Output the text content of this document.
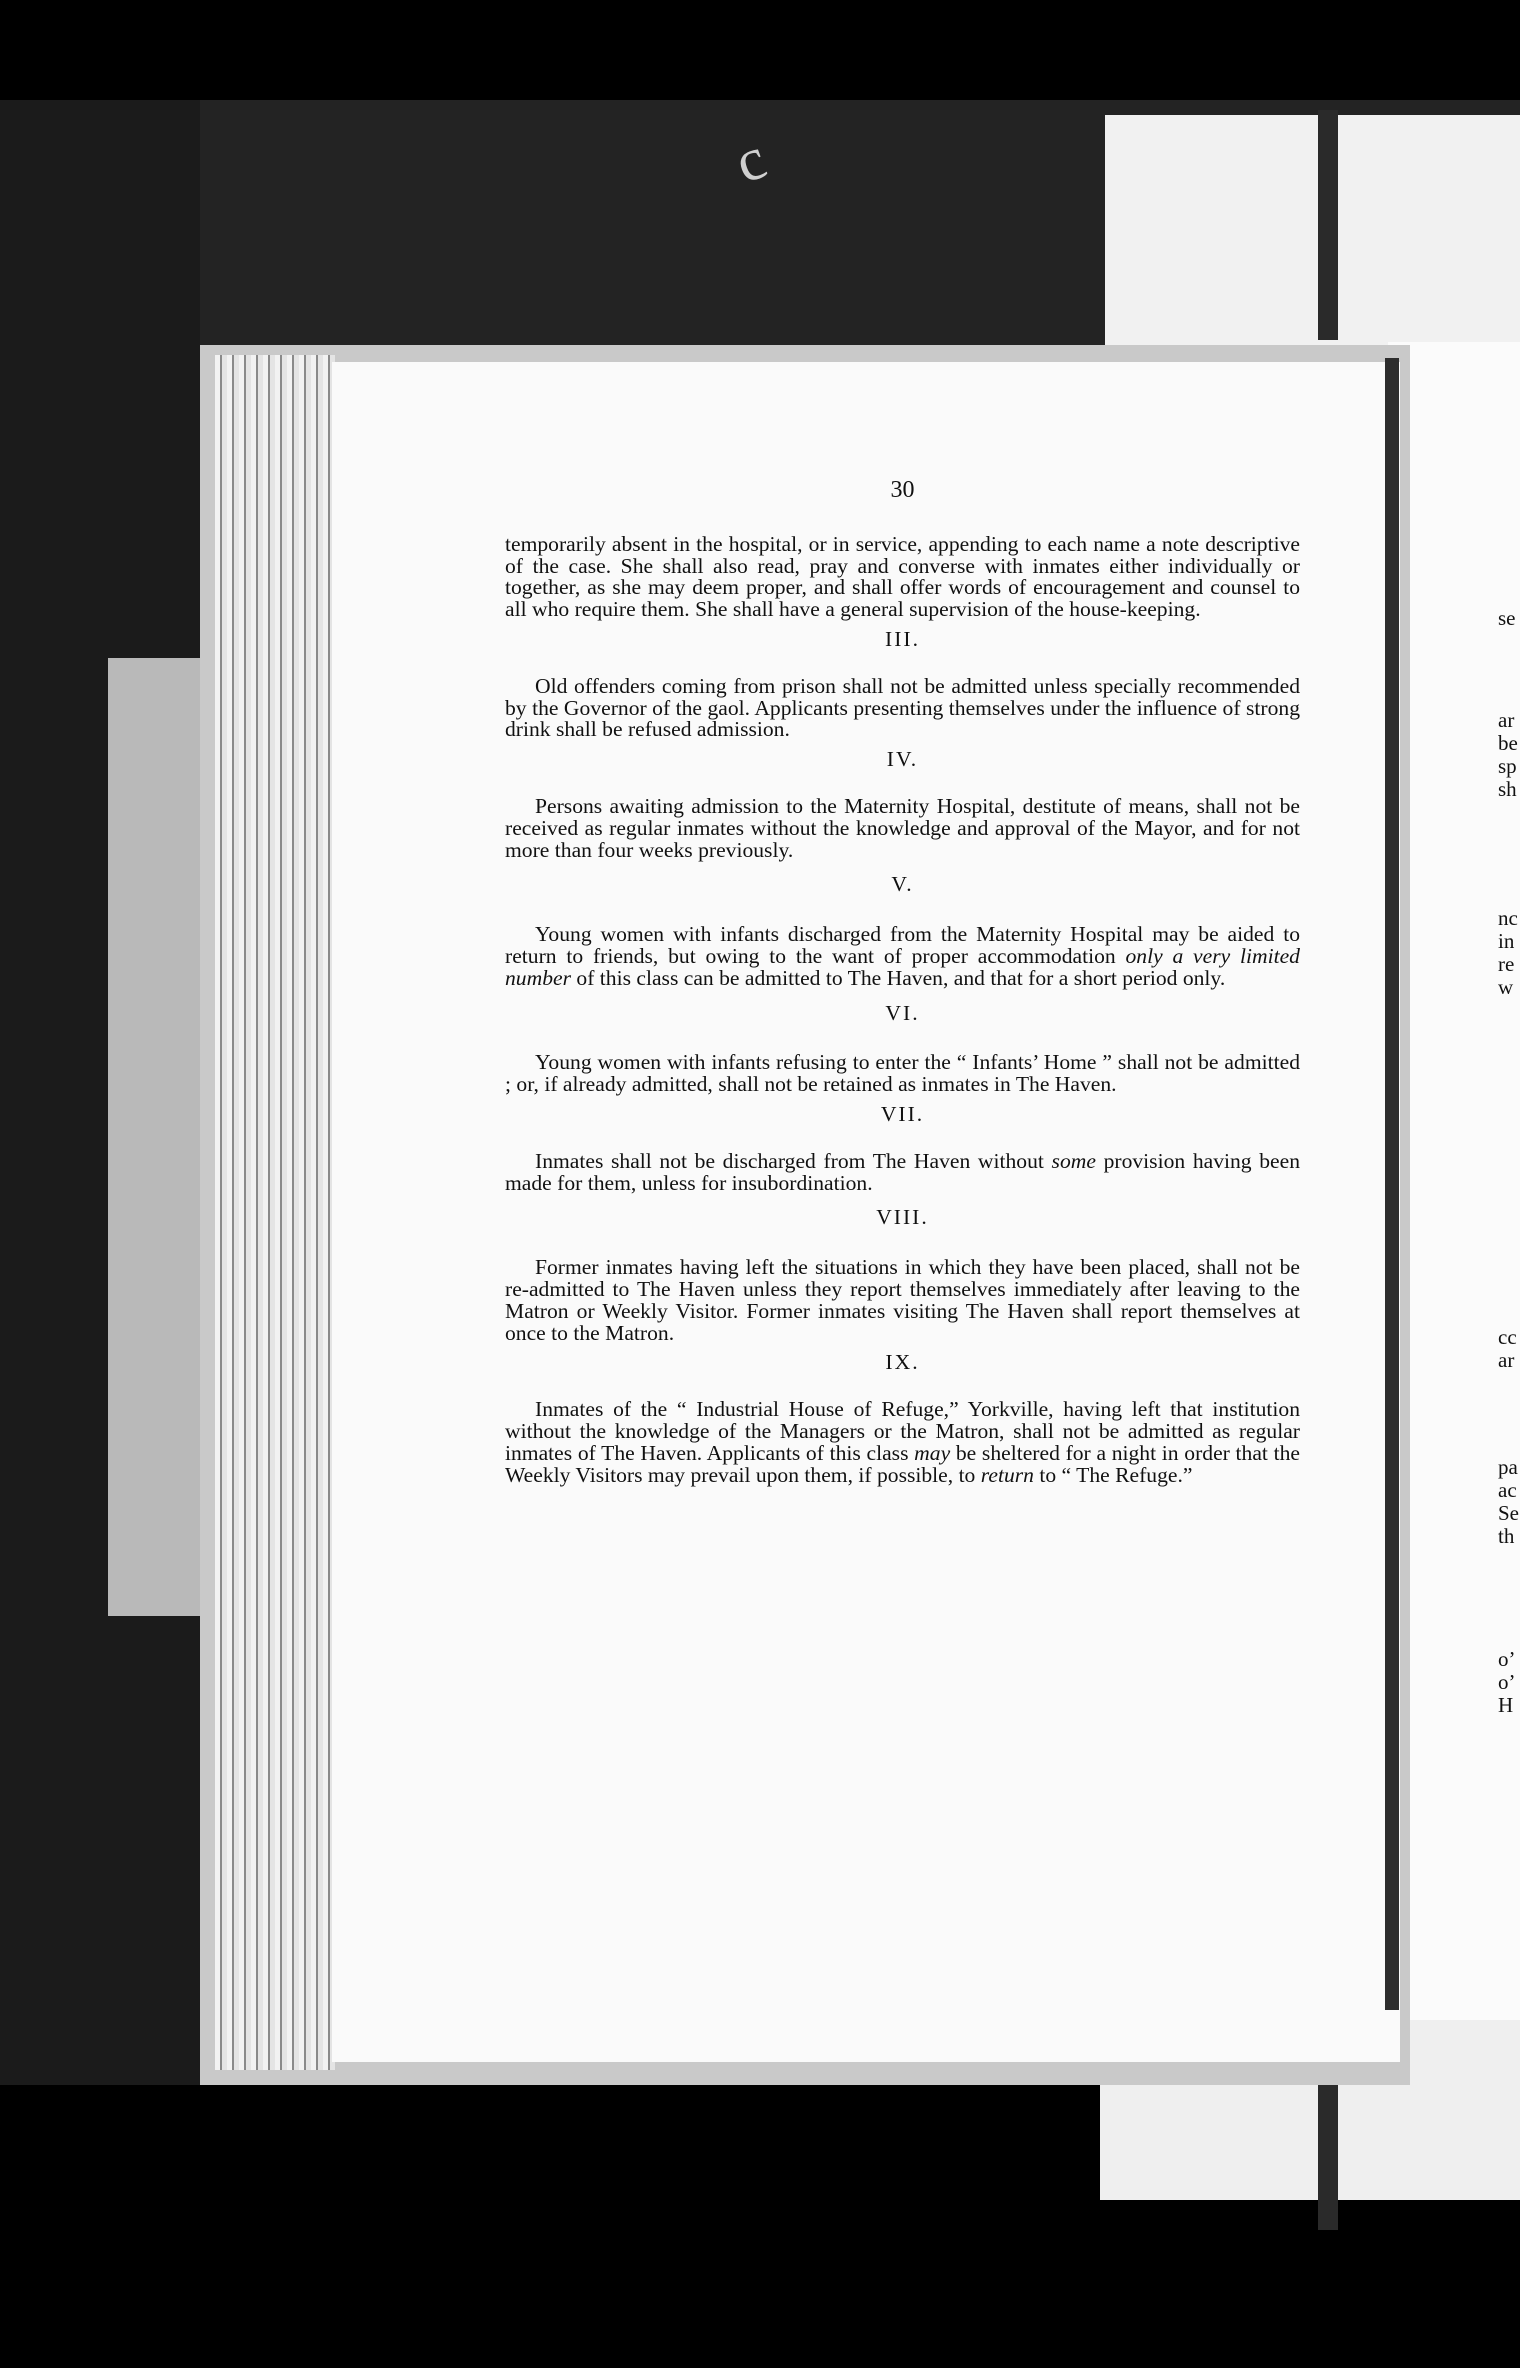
c
se
ar
be
sp
sh
nc
in
re
w
cc
ar
pa
ac
Se
th
o’
o’
H
30

temporarily absent in the hospital, or in service, appending to each name a note descriptive of the case. She shall also read, pray and converse with inmates either individually or together, as she may deem proper, and shall offer words of encouragement and counsel to all who require them. She shall have a general supervision of the house-keeping.

III.

Old offenders coming from prison shall not be admitted unless specially recommended by the Governor of the gaol. Applicants presenting themselves under the influence of strong drink shall be refused admission.

IV.

Persons awaiting admission to the Maternity Hospital, destitute of means, shall not be received as regular inmates without the knowledge and approval of the Mayor, and for not more than four weeks previously.

V.

Young women with infants discharged from the Maternity Hospital may be aided to return to friends, but owing to the want of proper accommodation only a very limited number of this class can be admitted to The Haven, and that for a short period only.

VI.

Young women with infants refusing to enter the “ Infants’ Home ” shall not be admitted ; or, if already admitted, shall not be retained as inmates in The Haven.

VII.

Inmates shall not be discharged from The Haven without some provision having been made for them, unless for insubordination.

VIII.

Former inmates having left the situations in which they have been placed, shall not be re-admitted to The Haven unless they report themselves immediately after leaving to the Matron or Weekly Visitor. Former inmates visiting The Haven shall report themselves at once to the Matron.

IX.

Inmates of the “ Industrial House of Refuge,” Yorkville, having left that institution without the knowledge of the Managers or the Matron, shall not be admitted as regular inmates of The Haven. Applicants of this class may be sheltered for a night in order that the Weekly Visitors may prevail upon them, if possible, to return to “ The Refuge.”
